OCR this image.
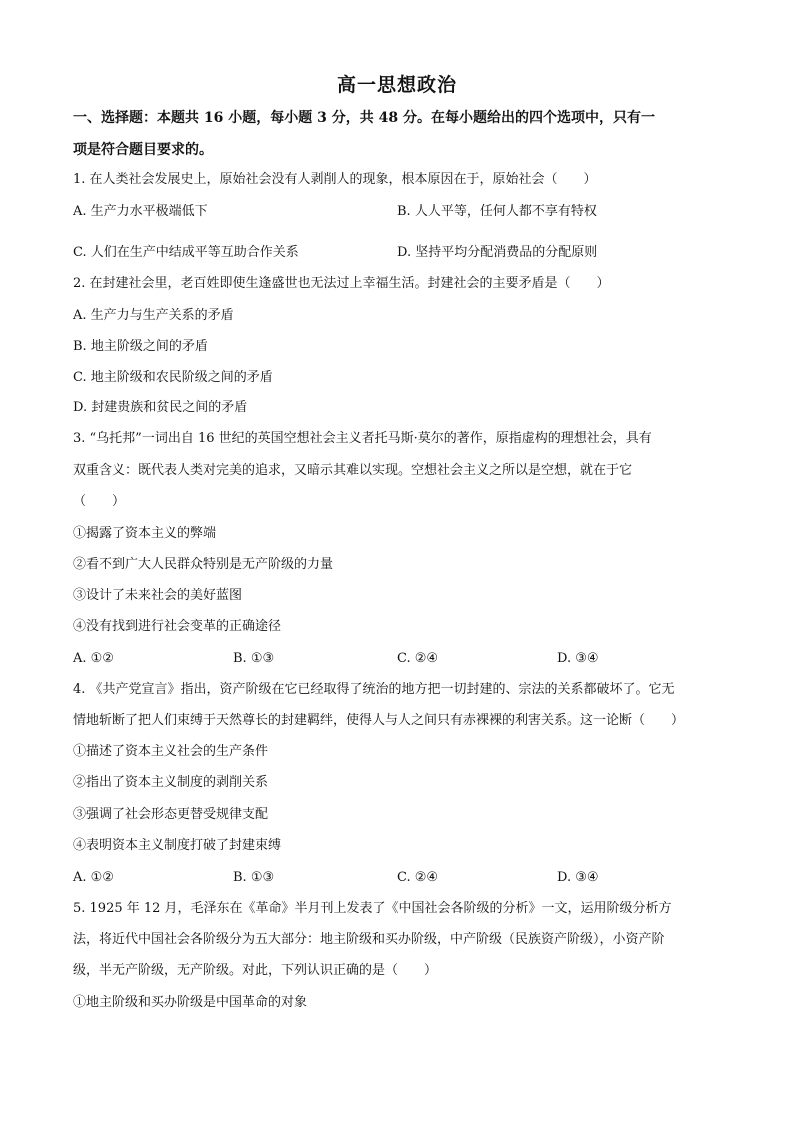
高一思想政治
一、选择题：本题共 16 小题，每小题 3 分，共 48 分。在每小题给出的四个选项中，只有一
项是符合题目要求的。
1. 在人类社会发展史上，原始社会没有人剥削人的现象，根本原因在于，原始社会（　　）
A. 生产力水平极端低下	B. 人人平等，任何人都不享有特权
C. 人们在生产中结成平等互助合作关系	D. 坚持平均分配消费品的分配原则
2. 在封建社会里，老百姓即使生逢盛世也无法过上幸福生活。封建社会的主要矛盾是（　　）
A. 生产力与生产关系的矛盾
B. 地主阶级之间的矛盾
C. 地主阶级和农民阶级之间的矛盾
D. 封建贵族和贫民之间的矛盾
3. “乌托邦”一词出自 16 世纪的英国空想社会主义者托马斯·莫尔的著作，原指虚构的理想社会，具有
双重含义：既代表人类对完美的追求，又暗示其难以实现。空想社会主义之所以是空想，就在于它
（　　）
①揭露了资本主义的弊端
②看不到广大人民群众特别是无产阶级的力量
③设计了未来社会的美好蓝图
④没有找到进行社会变革的正确途径
A. ①②	B. ①③	C. ②④	D. ③④
4. 《共产党宣言》指出，资产阶级在它已经取得了统治的地方把一切封建的、宗法的关系都破坏了。它无
情地斩断了把人们束缚于天然尊长的封建羁绊，使得人与人之间只有赤裸裸的利害关系。这一论断（　　）
①描述了资本主义社会的生产条件
②指出了资本主义制度的剥削关系
③强调了社会形态更替受规律支配
④表明资本主义制度打破了封建束缚
A. ①②	B. ①③	C. ②④	D. ③④
5. 1925 年 12 月，毛泽东在《革命》半月刊上发表了《中国社会各阶级的分析》一文，运用阶级分析方
法，将近代中国社会各阶级分为五大部分：地主阶级和买办阶级，中产阶级（民族资产阶级），小资产阶
级，半无产阶级，无产阶级。对此，下列认识正确的是（　　）
①地主阶级和买办阶级是中国革命的对象
